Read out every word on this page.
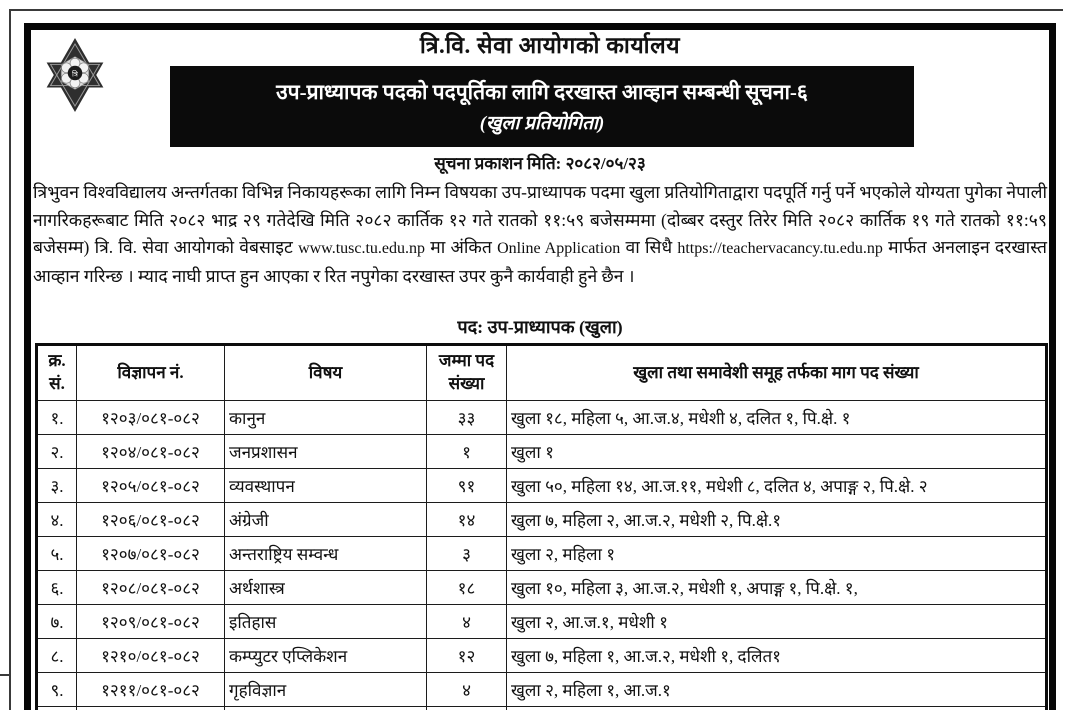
त्रि
त्रि.वि. सेवा आयोगको कार्यालय
उप-प्राध्यापक पदको पदपूर्तिका लागि दरखास्त आव्हान सम्बन्धी सूचना-६
(खुला प्रतियोगिता)
सूचना प्रकाशन मिति: २०८२/०५/२३
त्रिभुवन विश्वविद्यालय अन्तर्गतका विभिन्न निकायहरूका लागि निम्न विषयका उप-प्राध्यापक पदमा खुला प्रतियोगिताद्वारा पदपूर्ति गर्नु पर्ने भएकोले योग्यता पुगेका नेपाली नागरिकहरूबाट मिति २०८२ भाद्र २९ गतेदेखि मिति २०८२ कार्तिक १२ गते रातको ११:५९ बजेसम्ममा (दोब्बर दस्तुर तिरेर मिति २०८२ कार्तिक १९ गते रातको ११:५९ बजेसम्म) त्रि. वि. सेवा आयोगको वेबसाइट www.tusc.tu.edu.np मा अंकित Online Application वा सिधै https://teachervacancy.tu.edu.np मार्फत अनलाइन दरखास्त आव्हान गरिन्छ । म्याद नाघी प्राप्त हुन आएका र रित नपुगेका दरखास्त उपर कुनै कार्यवाही हुने छैन ।
पद: उप-प्राध्यापक (खुला)
क्र. सं.	विज्ञापन नं.	विषय	जम्मा पद संख्या	खुला तथा समावेशी समूह तर्फका माग पद संख्या
१.	१२०३/०८१-०८२	कानुन	३३	खुला १८, महिला ५, आ.ज.४, मधेशी ४, दलित १, पि.क्षे. १
२.	१२०४/०८१-०८२	जनप्रशासन	१	खुला १
३.	१२०५/०८१-०८२	व्यवस्थापन	९१	खुला ५०, महिला १४, आ.ज.११, मधेशी ८, दलित ४, अपाङ्ग २, पि.क्षे. २
४.	१२०६/०८१-०८२	अंग्रेजी	१४	खुला ७, महिला २, आ.ज.२, मधेशी २, पि.क्षे.१
५.	१२०७/०८१-०८२	अन्तराष्ट्रिय सम्वन्ध	३	खुला २, महिला १
६.	१२०८/०८१-०८२	अर्थशास्त्र	१८	खुला १०, महिला ३, आ.ज.२, मधेशी १, अपाङ्ग १, पि.क्षे. १,
७.	१२०९/०८१-०८२	इतिहास	४	खुला २, आ.ज.१, मधेशी १
८.	१२१०/०८१-०८२	कम्प्युटर एप्लिकेशन	१२	खुला ७, महिला १, आ.ज.२, मधेशी १, दलित१
९.	१२११/०८१-०८२	गृहविज्ञान	४	खुला २, महिला १, आ.ज.१
